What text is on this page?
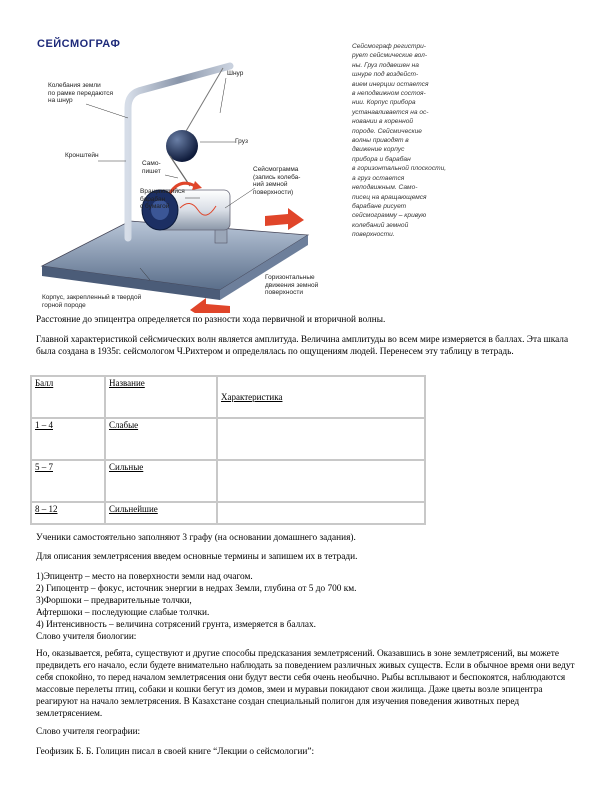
СЕЙСМОГРАФ
Колебания земли
по рамке передаются
на шнур
Шнур
Груз
Само-
пишет
Кронштейн
Вращающийся
барабан
с бумагой
Сейсмограмма
(запись колеба-
ний земной
поверхности)
Корпус, закрепленный в твердой
горной породе
Горизонтальные
движения земной
поверхности
Сейсмограф регистри-
рует сейсмические вол-
ны. Груз подвешен на
шнуре под воздейст-
вием инерции остается
в неподвижном состоя-
нии. Корпус прибора
устанавливается на ос-
новании в коренной
породе. Сейсмические
волны приводят в
движение корпус
прибора и барабан
в горизонтальной плоскости,
а груз остается
неподвижным. Само-
писец на вращающемся
барабане рисует
сейсмограмму – кривую
колебаний земной
поверхности.

Расстояние до эпицентра определяется по разности хода первичной и вторичной волны.

Главной характеристикой сейсмических волн является амплитуда. Величина амплитуды во всем мире измеряется в баллах. Эта шкала была создана в 1935г. сейсмологом Ч.Рихтером и определялась по ощущениям людей. Перенесем эту таблицу в тетрадь.

Балл	Название	Характеристика
1 – 4	Слабые	
5 – 7	Сильные	
8 – 12	Сильнейшие	

Ученики самостоятельно заполняют 3 графу (на основании домашнего задания).

Для описания землетрясения введем основные термины и запишем их в тетради.

1)Эпицентр – место на поверхности земли над очагом.
2) Гипоцентр – фокус, источник энергии в недрах Земли, глубина от 5 до 700 км.
3)Форшоки – предварительные толчки,
Афтершоки – последующие слабые толчки.
4) Интенсивность – величина сотрясений грунта, измеряется в баллах.
Слово учителя биологии:

Но, оказывается, ребята, существуют и другие способы предсказания землетрясений. Оказавшись в зоне землетрясений, вы можете предвидеть его начало, если будете внимательно наблюдать за поведением различных живых существ. Если в обычное время они ведут себя спокойно, то перед началом землетрясения они будут вести себя очень необычно. Рыбы всплывают и беспокоятся, наблюдаются массовые перелеты птиц, собаки и кошки бегут из домов, змеи и муравьи покидают свои жилища. Даже цветы возле эпицентра реагируют на начало землетрясения. В Казахстане создан специальный полигон для изучения поведения животных перед землетрясением.

Слово учителя географии:

Геофизик Б. Б. Голицин писал в своей книге “Лекции о сейсмологии”:
